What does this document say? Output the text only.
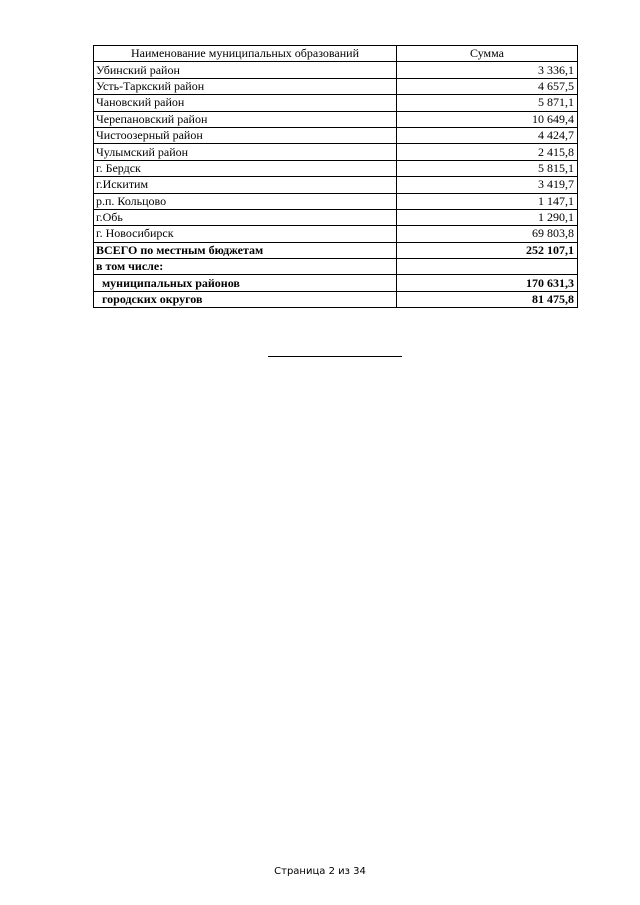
Наименование муниципальных образований	Сумма
Убинский район	3 336,1
Усть-Таркский район	4 657,5
Чановский район	5 871,1
Черепановский район	10 649,4
Чистоозерный район	4 424,7
Чулымский район	2 415,8
г. Бердск	5 815,1
г.Искитим	3 419,7
р.п. Кольцово	1 147,1
г.Обь	1 290,1
г. Новосибирск	69 803,8
ВСЕГО по местным бюджетам	252 107,1
в том числе:	
муниципальных районов	170 631,3
городских округов	81 475,8
Страница 2 из 34
